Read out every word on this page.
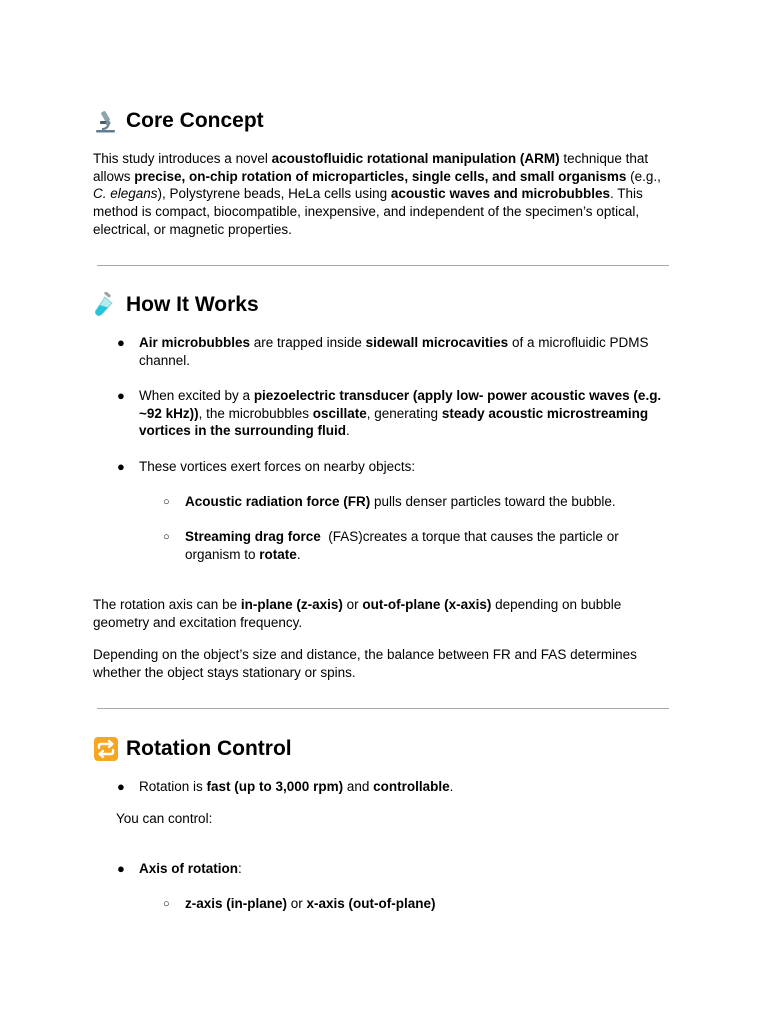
Core Concept

This study introduces a novel acoustofluidic rotational manipulation (ARM) technique that allows precise, on-chip rotation of microparticles, single cells, and small organisms (e.g., C. elegans), Polystyrene beads, HeLa cells using acoustic waves and microbubbles. This method is compact, biocompatible, inexpensive, and independent of the specimen’s optical, electrical, or magnetic properties.

How It Works
● Air microbubbles are trapped inside sidewall microcavities of a microfluidic PDMS channel.

● When excited by a piezoelectric transducer (apply low- power acoustic waves (e.g. ~92 kHz)), the microbubbles oscillate, generating steady acoustic microstreaming vortices in the surrounding fluid.

● These vortices exert forces on nearby objects:

○ Acoustic radiation force (FR) pulls denser particles toward the bubble.

○ Streaming drag force  (FAS)creates a torque that causes the particle or organism to rotate.

The rotation axis can be in-plane (z-axis) or out-of-plane (x-axis) depending on bubble geometry and excitation frequency.

Depending on the object’s size and distance, the balance between FR and FAS determines whether the object stays stationary or spins.

Rotation Control
● Rotation is fast (up to 3,000 rpm) and controllable.

You can control:

● Axis of rotation:

○ z-axis (in-plane) or x-axis (out-of-plane)
